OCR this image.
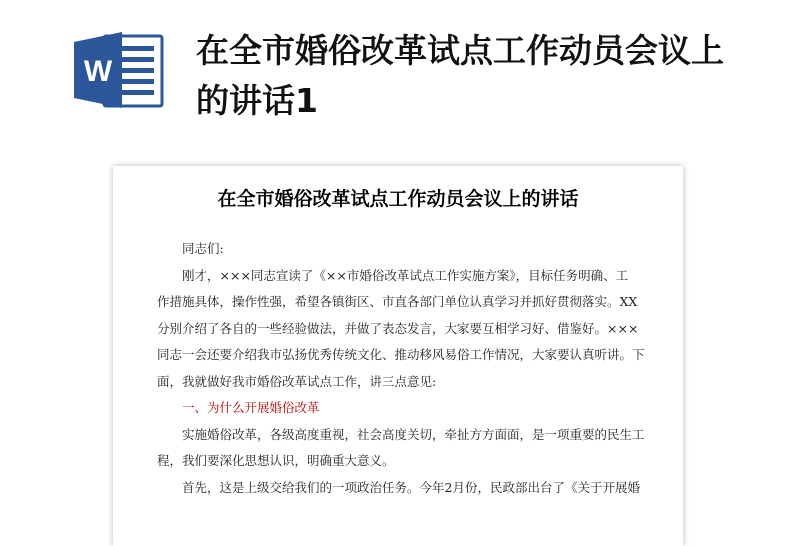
W
在全市婚俗改革试点工作动员会议上的讲话1
在全市婚俗改革试点工作动员会议上的讲话

同志们:

刚才，×××同志宣读了《××市婚俗改革试点工作实施方案》，目标任务明确、工
作措施具体，操作性强，希望各镇街区、市直各部门单位认真学习并抓好贯彻落实。XX
分别介绍了各自的一些经验做法，并做了表态发言，大家要互相学习好、借鉴好。×××
同志一会还要介绍我市弘扬优秀传统文化、推动移风易俗工作情况，大家要认真听讲。下
面，我就做好我市婚俗改革试点工作，讲三点意见:

一、为什么开展婚俗改革

实施婚俗改革，各级高度重视，社会高度关切，牵扯方方面面，是一项重要的民生工
程，我们要深化思想认识，明确重大意义。

首先，这是上级交给我们的一项政治任务。今年2月份，民政部出台了《关于开展婚
